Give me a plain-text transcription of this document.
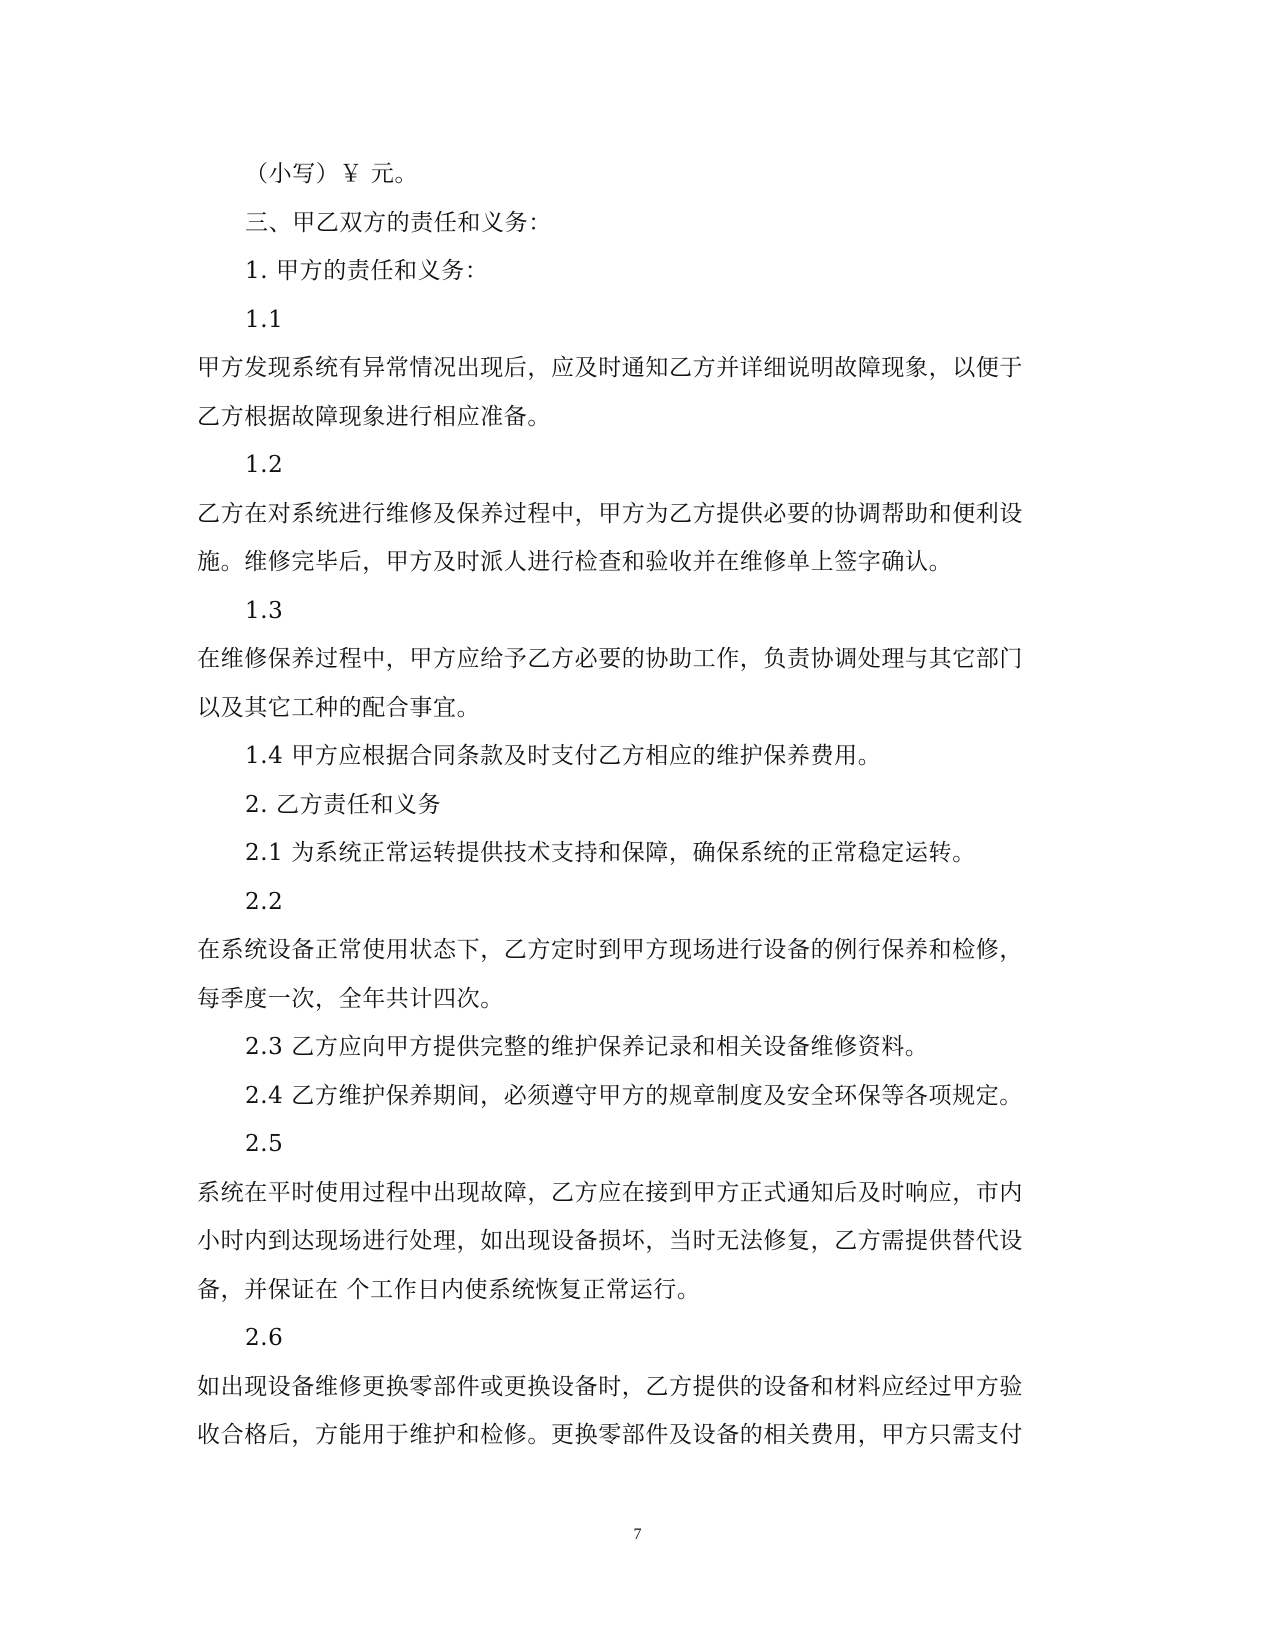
（小写）￥ 元。
三、甲乙双方的责任和义务：
1. 甲方的责任和义务：
1.1
甲方发现系统有异常情况出现后，应及时通知乙方并详细说明故障现象，以便于
乙方根据故障现象进行相应准备。
1.2
乙方在对系统进行维修及保养过程中，甲方为乙方提供必要的协调帮助和便利设
施。维修完毕后，甲方及时派人进行检查和验收并在维修单上签字确认。
1.3
在维修保养过程中，甲方应给予乙方必要的协助工作，负责协调处理与其它部门
以及其它工种的配合事宜。
1.4 甲方应根据合同条款及时支付乙方相应的维护保养费用。
2. 乙方责任和义务
2.1 为系统正常运转提供技术支持和保障，确保系统的正常稳定运转。
2.2
在系统设备正常使用状态下，乙方定时到甲方现场进行设备的例行保养和检修，
每季度一次，全年共计四次。
2.3 乙方应向甲方提供完整的维护保养记录和相关设备维修资料。
2.4 乙方维护保养期间，必须遵守甲方的规章制度及安全环保等各项规定。
2.5
系统在平时使用过程中出现故障，乙方应在接到甲方正式通知后及时响应，市内
小时内到达现场进行处理，如出现设备损坏，当时无法修复，乙方需提供替代设
备，并保证在 个工作日内使系统恢复正常运行。
2.6
如出现设备维修更换零部件或更换设备时，乙方提供的设备和材料应经过甲方验
收合格后，方能用于维护和检修。更换零部件及设备的相关费用，甲方只需支付
7
